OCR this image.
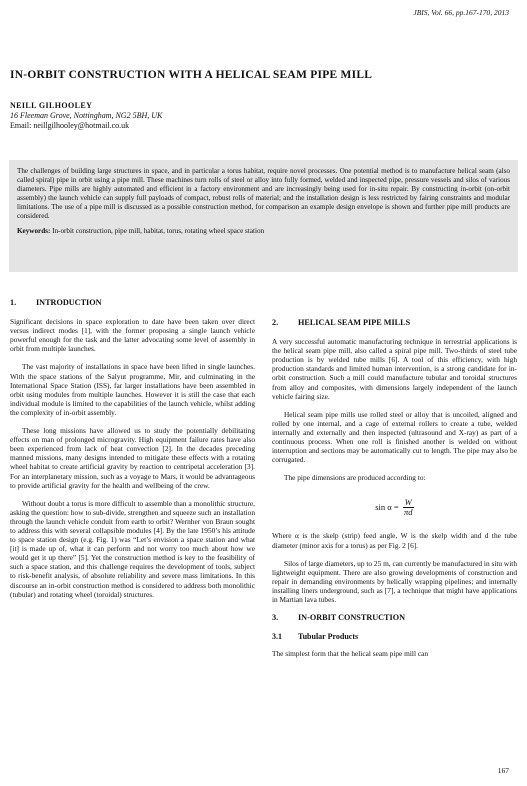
JBIS, Vol. 66, pp.167-170, 2013
IN-ORBIT CONSTRUCTION WITH A HELICAL SEAM PIPE MILL
NEILL GILHOOLEY
16 Fleeman Grove, Nottingham, NG2 5BH, UK
Email: neillgilhooley@hotmail.co.uk
The challenges of building large structures in space, and in particular a torus habitat, require novel processes. One potential method is to manufacture helical seam (also called spiral) pipe in orbit using a pipe mill. These machines turn rolls of steel or alloy into fully formed, welded and inspected pipe, pressure vessels and silos of various diameters. Pipe mills are highly automated and efficient in a factory environment and are increasingly being used for in-situ repair. By constructing in-orbit (on-orbit assembly) the launch vehicle can supply full payloads of compact, robust rolls of material; and the installation design is less restricted by fairing constraints and modular limitations. The use of a pipe mill is discussed as a possible construction method, for comparison an example design envelope is shown and further pipe mill products are considered.
Keywords: In-orbit construction, pipe mill, habitat, torus, rotating wheel space station
1. INTRODUCTION

Significant decisions in space exploration to date have been taken over direct versus indirect modes [1], with the former proposing a single launch vehicle powerful enough for the task and the latter advocating some level of assembly in orbit from multiple launches.

The vast majority of installations in space have been lifted in single launches. With the space stations of the Salyut programme, Mir, and culminating in the International Space Station (ISS), far larger installations have been assembled in orbit using modules from multiple launches. However it is still the case that each individual module is limited to the capabilities of the launch vehicle, whilst adding the complexity of in-orbit assembly.

These long missions have allowed us to study the potentially debilitating effects on man of prolonged microgravity. High equipment failure rates have also been experienced from lack of heat convection [2]. In the decades preceding manned missions, many designs intended to mitigate these effects with a rotating wheel habitat to create artificial gravity by reaction to centripetal acceleration [3]. For an interplanetary mission, such as a voyage to Mars, it would be advantageous to provide artificial gravity for the health and wellbeing of the crew.

Without doubt a torus is more difficult to assemble than a monolithic structure, asking the question: how to sub-divide, strengthen and squeeze such an installation through the launch vehicle conduit from earth to orbit? Wernher von Braun sought to address this with several collapsible modules [4]. By the late 1950’s his attitude to space station design (e.g. Fig. 1) was “Let’s envision a space station and what [it] is made up of, what it can perform and not worry too much about how we would get it up there” [5]. Yet the construction method is key to the feasibility of such a space station, and this challenge requires the development of tools, subject to risk-benefit analysis, of absolute reliability and severe mass limitations. In this discourse an in-orbit construction method is considered to address both monolithic (tubular) and rotating wheel (toroidal) structures.

2. HELICAL SEAM PIPE MILLS

A very successful automatic manufacturing technique in terrestrial applications is the helical seam pipe mill, also called a spiral pipe mill. Two-thirds of steel tube production is by welded tube mills [6]. A tool of this efficiency, with high production standards and limited human intervention, is a strong candidate for in-orbit construction. Such a mill could manufacture tubular and toroidal structures from alloy and composites, with dimensions largely independent of the launch vehicle fairing size.

Helical seam pipe mills use rolled steel or alloy that is uncoiled, aligned and rolled by one internal, and a cage of external rollers to create a tube, welded internally and externally and then inspected (ultrasound and X-ray) as part of a continuous process. When one roll is finished another is welded on without interruption and sections may be automatically cut to length. The pipe may also be corrugated.

The pipe dimensions are produced according to:

$\sin \alpha = \frac{W}{\pi d}$

Where α is the skelp (strip) feed angle, W is the skelp width and d the tube diameter (minor axis for a torus) as per Fig. 2 [6].

Silos of large diameters, up to 25 m, can currently be manufactured in situ with lightweight equipment. There are also growing developments of construction and repair in demanding environments by helically wrapping pipelines; and internally installing liners underground, such as [7], a technique that might have applications in Martian lava tubes.

3. IN-ORBIT CONSTRUCTION
3.1 Tubular Products

The simplest form that the helical seam pipe mill can

167
